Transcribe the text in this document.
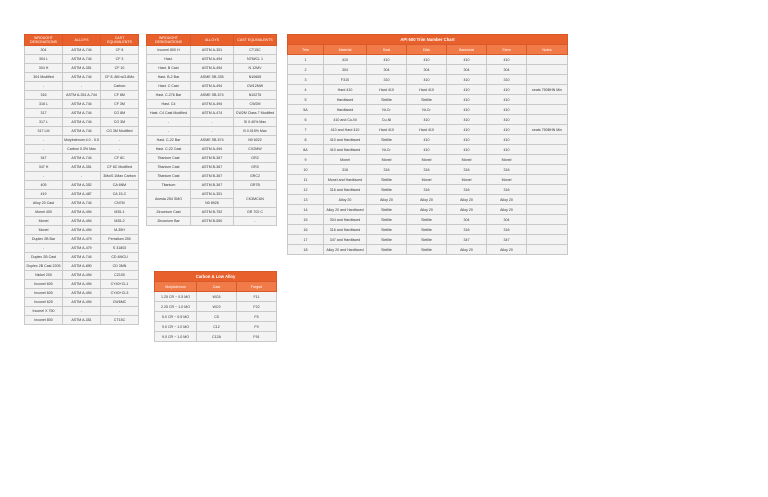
WROUGHT DESIGNATIONS	ALLOYS	CAST EQUIVALENTS
304	ASTM A-744	CF 8
304 L	ASTM A-744	CF 3
304 H	ASTM A-351	CF 10
304 Modified	ASTM A-744	CF 8 ,8M w/3-8Mo
-	-	Carbon
316	ASTM A-351 A-744	CF 8M
316 L	ASTM A-744	CF 3M
317	ASTM A-744	CG 8M
317 L	ASTM A-744	CG 3M
317 LM	ASTM A-744	CG 3M Modified
-	Molybdenum 4.0 - 5.5	-
-	Carbon 0.3% Max	-
347	ASTM A-744	CF 8C
347 H	ASTM A-351	CF 8C Modified
-	-	3Mo/0.1Max Carbon
405	ASTM A-352	CA 6NM
419	ASTM A-487	CA 15-C
Alloy 20 Cast	ASTM A-744	CN7M
Monel 400	ASTM A-494	M35-1
Monel	ASTM A-494	M35-2
Monel	ASTM A-494	M-35H
Duplex 2B Bar	ASTM A-479	Ferralium 255
-	ASTM A-479	S 31803
Duplex 2B Cast	ASTM A-744	CD 4MCU
Duplex 2B Cast 2205	ASTM A-890	CD 3MN
Nickel 200	ASTM A-494	CZ100
Inconel 600	ASTM A-494	CY40+CL1
Inconel 600	ASTM A-494	CY40+CL3
Inconel 625	ASTM A-494	CW6MC
Inconel X 750	-	-
Inconel 800	ASTM A-351	CT15C
WROUGHT DESIGNATIONS	ALLOYS	CAST EQUIVALENTS
Inconel 800 H	ASTM A-351	CT15C
Hast.	ASTM A-494	N7M/CL 1
Hast. B Cast	ASTM A-494	N 12MV
Hast. B-2 Bar	ASME SB-335	N10665
Hast. C Cast	ASTM A-494	CW12MW
Hast. C-276 Bar	ASME SB-574	N10276
Hast. C4	ASTM A-494	CW2M
Hast. C4 Cast Modified	ASTM A-474	CW2M Class 7 Modified
-	-	Si 0.40% Max
-	-	B 0.015% Max
Hast. C-22 Bar	ASME SB-574	N0 6022
Hast. C-22 Cast	ASTM A-494	CX2MW
Titanium Cast	ASTM B-367	GR2
Titanium Cast	ASTM B-367	GR3
Titanium Cast	ASTM B-367	GRC2
Titanium	ASTM B-367	GR7B
Avesta 254 SMO	ASTM A-351	CK3MCUN
	N0 8926	
Zirconium Cast	ASTM B-752	GR 702 C
Zirconium Bar	ASTM B-550	-
Carbon & Low Alloy		
Molybdenum	Cast	Forged
1.25 CR ~ 0.5 MO	WC6	F11
2.25 CR ~ 1.0 MO	WC9	F22
5.0 CR ~ 0.5 MO	C5	F5
9.0 CR ~ 1.0 MO	C12	F9
9.0 CR ~ 1.0 MO	C12A	F91
API 600 Trim Number Chart						
Trim	Material	Seat	Disk	Backseat	Stem	Notes
1	410	410	410	410	410	
2	304	304	304	304	304	
3	F310	310	410	410	310	
4	Hard 410	Hard 410	Hard 410	410	410	seats 750BHN Min
5	Hardfaced	Stellite	Stellite	410	410	
5A	Hardfaced	Ni-Cr	Ni-Cr	410	410	
6	410 and Cu-Ni	Cu-Ni	410	410	410	
7	410 and Hard 410	Hard 410	Hard 410	410	410	seats 750BHN Min
8	410 and Hardfaced	Stellite	410	410	410	
8A	410 and Hardfaced	Ni-Cr	410	410	410	
9	Monel	Monel	Monel	Monel	Monel	
10	316	316	316	316	316	
11	Monel and Hardfaced	Stellite	Monel	Monel	Monel	
12	316 and Hardfaced	Stellite	316	316	316	
13	Alloy 20	Alloy 20	Alloy 20	Alloy 20	Alloy 20	
14	Alloy 20 and Hardfaced	Stellite	Alloy 20	Alloy 20	Alloy 20	
15	304 and Hardfaced	Stellite	Stellite	304	304	
16	316 and Hardfaced	Stellite	Stellite	316	316	
17	347 and Hardfaced	Stellite	Stellite	347	347	
18	Alloy 20 and Hardfaced	Stellite	Stellite	Alloy 20	Alloy 20	
